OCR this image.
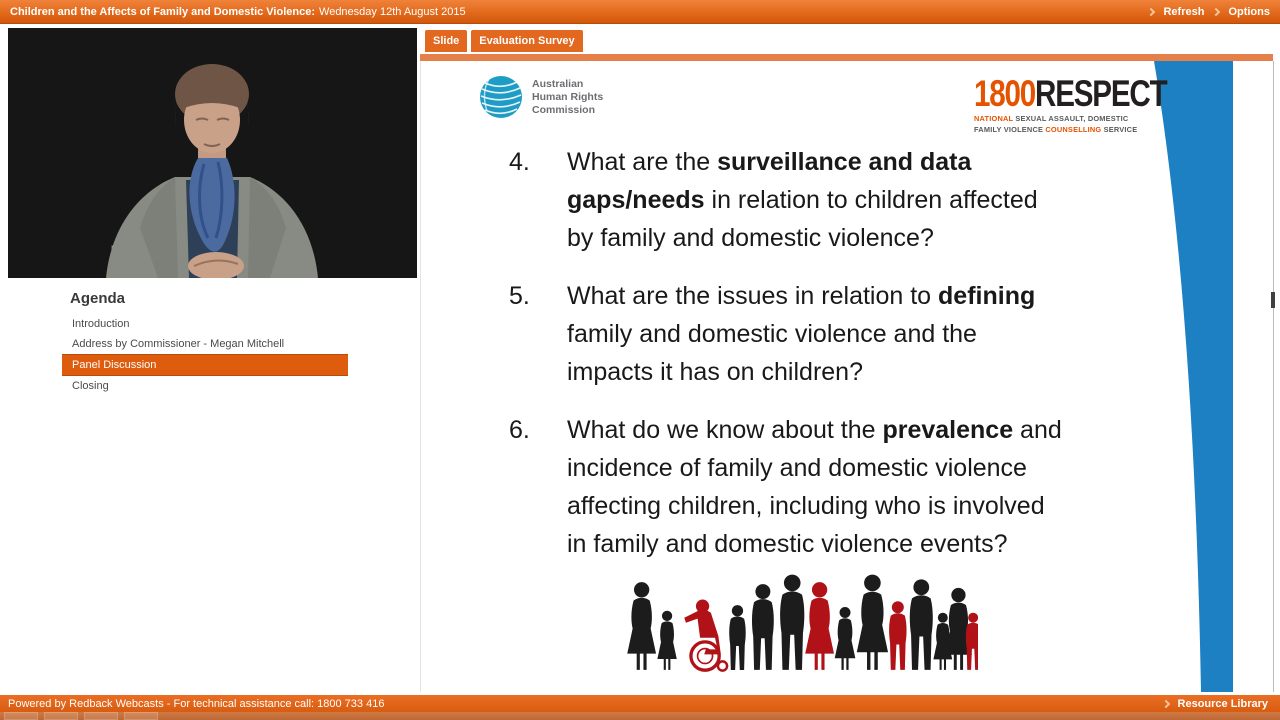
Children and the Affects of Family and Domestic Violence: Wednesday 12th August 2015	Refresh Options
Agenda
Introduction
Address by Commissioner - Megan Mitchell
Panel Discussion
Closing
Slide	Evaluation Survey
Australian
Human Rights
Commission	1800RESPECT
NATIONAL SEXUAL ASSAULT, DOMESTIC
FAMILY VIOLENCE COUNSELLING SERVICE
4.	What are the surveillance and data
gaps/needs in relation to children affected
by family and domestic violence?
5.	What are the issues in relation to defining
family and domestic violence and the
impacts it has on children?
6.	What do we know about the prevalence and
incidence of family and domestic violence
affecting children, including who is involved
in family and domestic violence events?
Powered by Redback Webcasts - For technical assistance call: 1800 733 416	Resource Library
